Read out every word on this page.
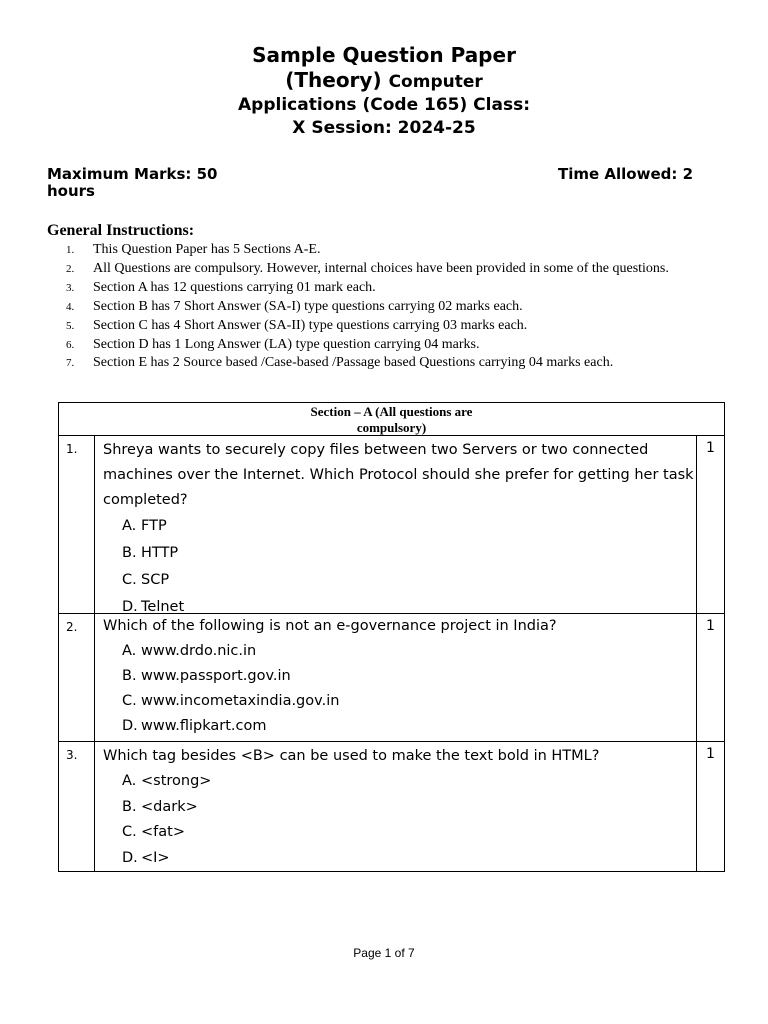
Sample Question Paper
(Theory) Computer
Applications (Code 165) Class:
X Session: 2024-25
Maximum Marks: 50
hours
Time Allowed: 2
General Instructions:
1.	This Question Paper has 5 Sections A-E.
2.	All Questions are compulsory. However, internal choices have been provided in some of the questions.
3.	Section A has 12 questions carrying 01 mark each.
4.	Section B has 7 Short Answer (SA-I) type questions carrying 02 marks each.
5.	Section C has 4 Short Answer (SA-II) type questions carrying 03 marks each.
6.	Section D has 1 Long Answer (LA) type question carrying 04 marks.
7.	Section E has 2 Source based /Case-based /Passage based Questions carrying 04 marks each.
Section – A (All questions are
compulsory)
1.	Shreya wants to securely copy files between two Servers or two connected machines over the Internet. Which Protocol should she prefer for getting her task completed?
A. FTP
B. HTTP
C. SCP
D. Telnet
1
2.	Which of the following is not an e-governance project in India?
A. www.drdo.nic.in
B. www.passport.gov.in
C. www.incometaxindia.gov.in
D. www.flipkart.com
1
3.	Which tag besides <B> can be used to make the text bold in HTML?
A. <strong>
B. <dark>
C. <fat>
D. <I>
1
Page 1 of 7
